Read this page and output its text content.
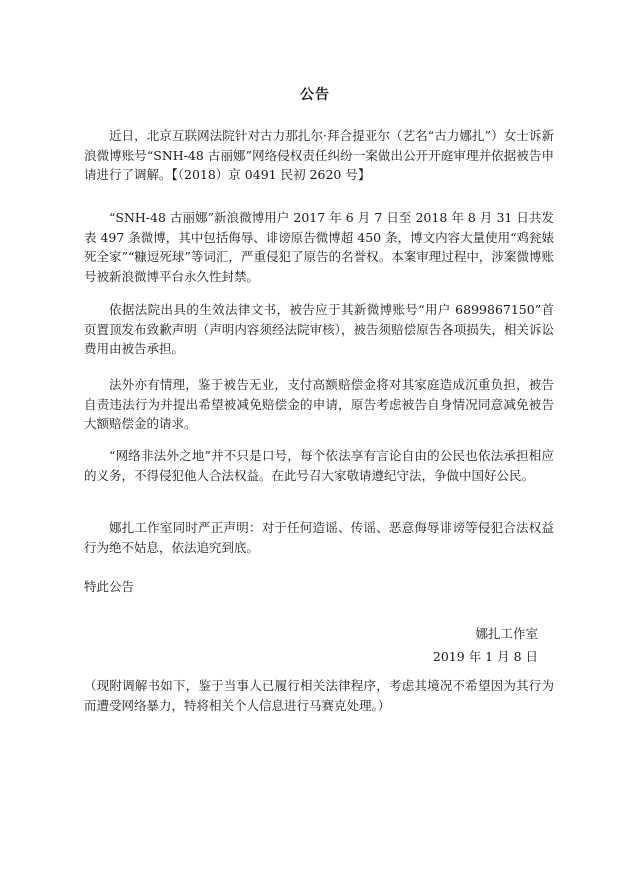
公告
近日，北京互联网法院针对古力那扎尔·拜合提亚尔（艺名“古力娜扎”）女士诉新浪微博账号“SNH-48 古丽娜”网络侵权责任纠纷一案做出公开开庭审理并依据被告申请进行了调解。【（2018）京 0491 民初 2620 号】
“SNH-48 古丽娜”新浪微博用户 2017 年 6 月 7 日至 2018 年 8 月 31 日共发表 497 条微博，其中包括侮辱、诽谤原告微博超 450 条，博文内容大量使用“鸡瓮婊死全家”“糠逗死球”等词汇，严重侵犯了原告的名誉权。本案审理过程中，涉案微博账号被新浪微博平台永久性封禁。
依据法院出具的生效法律文书，被告应于其新微博账号“用户 6899867150”首页置顶发布致歉声明（声明内容须经法院审核），被告须赔偿原告各项损失，相关诉讼费用由被告承担。
法外亦有情理，鉴于被告无业，支付高额赔偿金将对其家庭造成沉重负担，被告自责违法行为并提出希望被减免赔偿金的申请，原告考虑被告自身情况同意减免被告大额赔偿金的请求。
“网络非法外之地”并不只是口号，每个依法享有言论自由的公民也依法承担相应的义务，不得侵犯他人合法权益。在此号召大家敬请遵纪守法，争做中国好公民。
娜扎工作室同时严正声明：对于任何造谣、传谣、恶意侮辱诽谤等侵犯合法权益行为绝不姑息，依法追究到底。
特此公告
娜扎工作室
2019 年 1 月 8 日
（现附调解书如下，鉴于当事人已履行相关法律程序，考虑其境况不希望因为其行为而遭受网络暴力，特将相关个人信息进行马赛克处理。）
